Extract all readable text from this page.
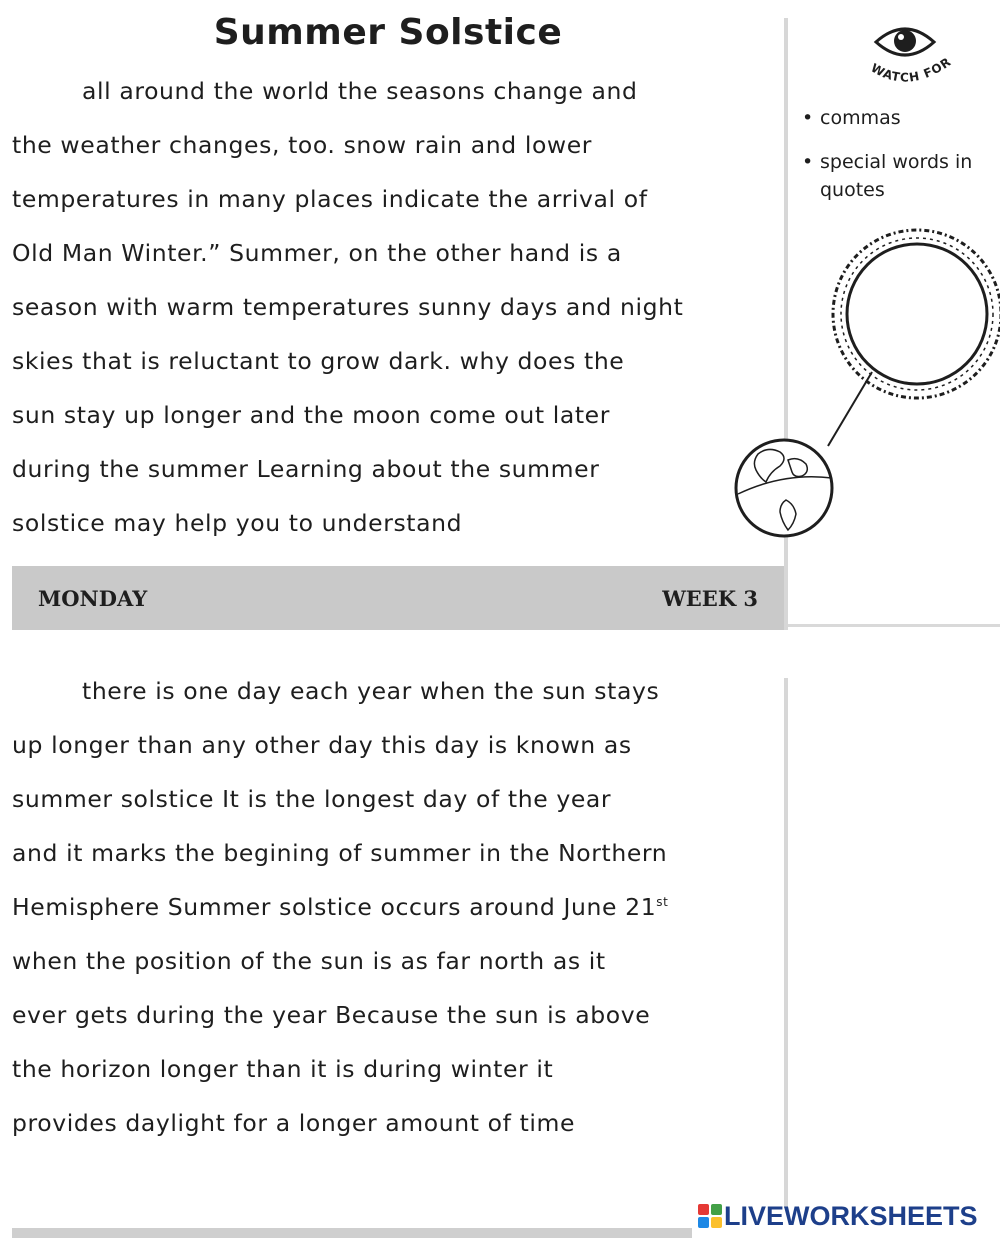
Summer Solstice
all around the world the seasons change and
the weather changes, too. snow rain and lower
temperatures in many places indicate the arrival of
Old Man Winter.” Summer, on the other hand is a
season with warm temperatures sunny days and night
skies that is reluctant to grow dark. why does the
sun stay up longer and the moon come out later
during the summer Learning about the summer
solstice may help you to understand
WATCH FOR
• commas
• special words in quotes
MONDAY	WEEK 3
there is one day each year when the sun stays
up longer than any other day this day is known as
summer solstice It is the longest day of the year
and it marks the begining of summer in the Northern
Hemisphere Summer solstice occurs around June 21st
when the position of the sun is as far north as it
ever gets during the year Because the sun is above
the horizon longer than it is during winter it
provides daylight for a longer amount of time
LIVEWORKSHEETS
